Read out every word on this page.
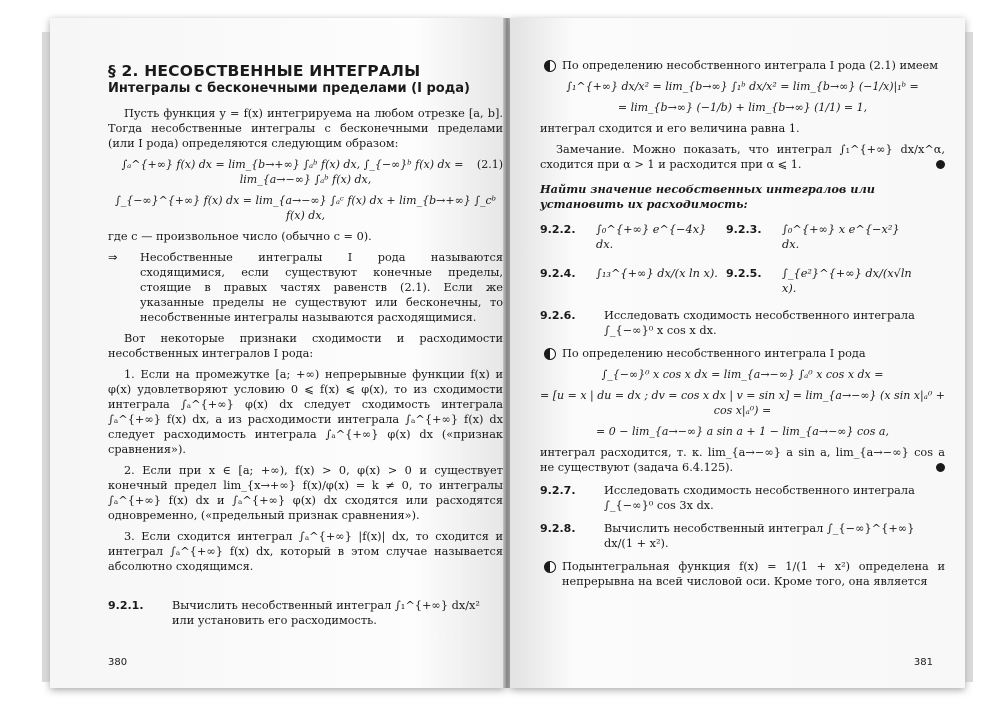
§ 2. НЕСОБСТВЕННЫЕ ИНТЕГРАЛЫ
Интегралы с бесконечными пределами (I рода)

Пусть функция y = f(x) интегрируема на любом отрезке [a, b]. Тогда несобственные интегралы с бесконечными пределами (или I рода) определяются следующим образом:

(2.1)
∫ₐ^{+∞} f(x) dx = lim_{b→+∞} ∫ₐᵇ f(x) dx, ∫_{−∞}ᵇ f(x) dx = lim_{a→−∞} ∫ₐᵇ f(x) dx,
∫_{−∞}^{+∞} f(x) dx = lim_{a→−∞} ∫ₐᶜ f(x) dx + lim_{b→+∞} ∫_cᵇ f(x) dx,

где c — произвольное число (обычно c = 0).

⇒	Несобственные интегралы I рода называются сходящимися, если существуют конечные пределы, стоящие в правых частях равенств (2.1). Если же указанные пределы не существуют или бесконечны, то несобственные интегралы называются расходящимися.

Вот некоторые признаки сходимости и расходимости несобственных интегралов I рода:

1. Если на промежутке [a; +∞) непрерывные функции f(x) и φ(x) удовлетворяют условию 0 ⩽ f(x) ⩽ φ(x), то из сходимости интеграла ∫ₐ^{+∞} φ(x) dx следует сходимость интеграла ∫ₐ^{+∞} f(x) dx, а из расходимости интеграла ∫ₐ^{+∞} f(x) dx следует расходимость интеграла ∫ₐ^{+∞} φ(x) dx («признак сравнения»).

2. Если при x ∈ [a; +∞), f(x) > 0, φ(x) > 0 и существует конечный предел lim_{x→+∞} f(x)/φ(x) = k ≠ 0, то интегралы ∫ₐ^{+∞} f(x) dx и ∫ₐ^{+∞} φ(x) dx сходятся или расходятся одновременно, («предельный признак сравнения»).

3. Если сходится интеграл ∫ₐ^{+∞} |f(x)| dx, то сходится и интеграл ∫ₐ^{+∞} f(x) dx, который в этом случае называется абсолютно сходящимся.

9.2.1.	Вычислить несобственный интеграл ∫₁^{+∞} dx/x² или установить его расходимость.
380

По определению несобственного интеграла I рода (2.1) имеем

∫₁^{+∞} dx/x² = lim_{b→∞} ∫₁ᵇ dx/x² = lim_{b→∞} (−1/x)|₁ᵇ =
= lim_{b→∞} (−1/b) + lim_{b→∞} (1/1) = 1,

интеграл сходится и его величина равна 1.

Замечание. Можно показать, что интеграл ∫₁^{+∞} dx/x^α, сходится при α > 1 и расходится при α ⩽ 1.

Найти значение несобственных интегралов или установить их расходимость:
9.2.2.	∫₀^{+∞} e^{−4x} dx.
9.2.3.	∫₀^{+∞} x e^{−x²} dx.
9.2.4.	∫₁₃^{+∞} dx/(x ln x). 9.2.5.	∫_{e²}^{+∞} dx/(x√ln x).
9.2.6.	Исследовать сходимость несобственного интеграла ∫_{−∞}⁰ x cos x dx.

По определению несобственного интеграла I рода

∫_{−∞}⁰ x cos x dx = lim_{a→−∞} ∫ₐ⁰ x cos x dx =
= [u = x | du = dx ; dv = cos x dx | v = sin x] = lim_{a→−∞} (x sin x|ₐ⁰ + cos x|ₐ⁰) =
= 0 − lim_{a→−∞} a sin a + 1 − lim_{a→−∞} cos a,

интеграл расходится, т. к. lim_{a→−∞} a sin a, lim_{a→−∞} cos a не существуют (задача 6.4.125).

9.2.7.	Исследовать сходимость несобственного интеграла ∫_{−∞}⁰ cos 3x dx.
9.2.8.	Вычислить несобственный интеграл ∫_{−∞}^{+∞} dx/(1 + x²).

Подынтегральная функция f(x) = 1/(1 + x²) определена и непрерывна на всей числовой оси. Кроме того, она является

381
